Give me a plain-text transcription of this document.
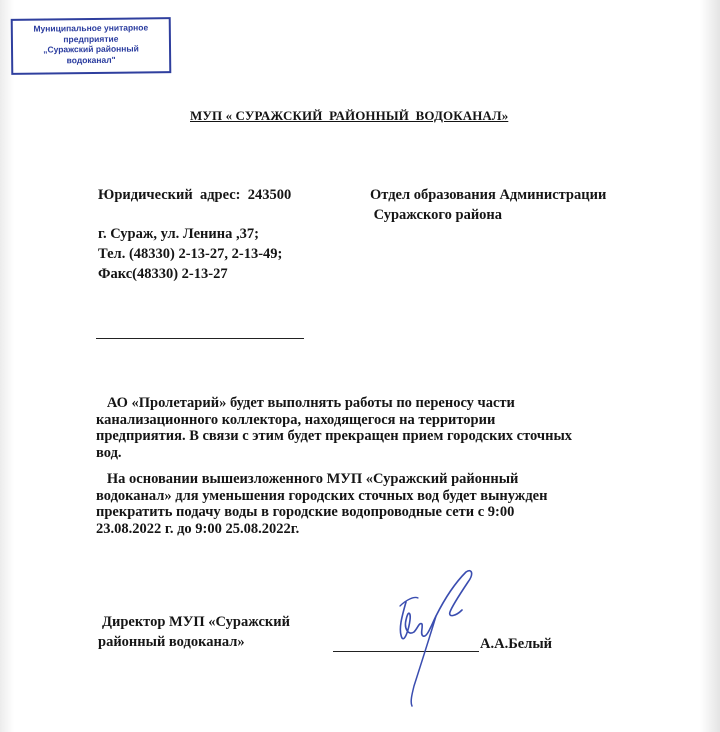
Муниципальное унитарное
предприятие
„Суражский районный
водоканал"
МУП « СУРАЖСКИЙ  РАЙОННЫЙ  ВОДОКАНАЛ»
Юридический  адрес:  243500	Отдел образования Администрации
Суражского района
г. Сураж, ул. Ленина ,37;
Тел. (48330) 2-13-27, 2-13-49;
Факс(48330) 2-13-27
АО «Пролетарий» будет выполнять работы по переносу части
канализационного коллектора, находящегося на территории
предприятия. В связи с этим будет прекращен прием городских сточных
вод.
На основании вышеизложенного МУП «Суражский районный
водоканал» для уменьшения городских сточных вод будет вынужден
прекратить подачу воды в городские водопроводные сети с 9:00
23.08.2022 г. до 9:00 25.08.2022г.
Директор МУП «Суражский
районный водоканал»	А.А.Белый
